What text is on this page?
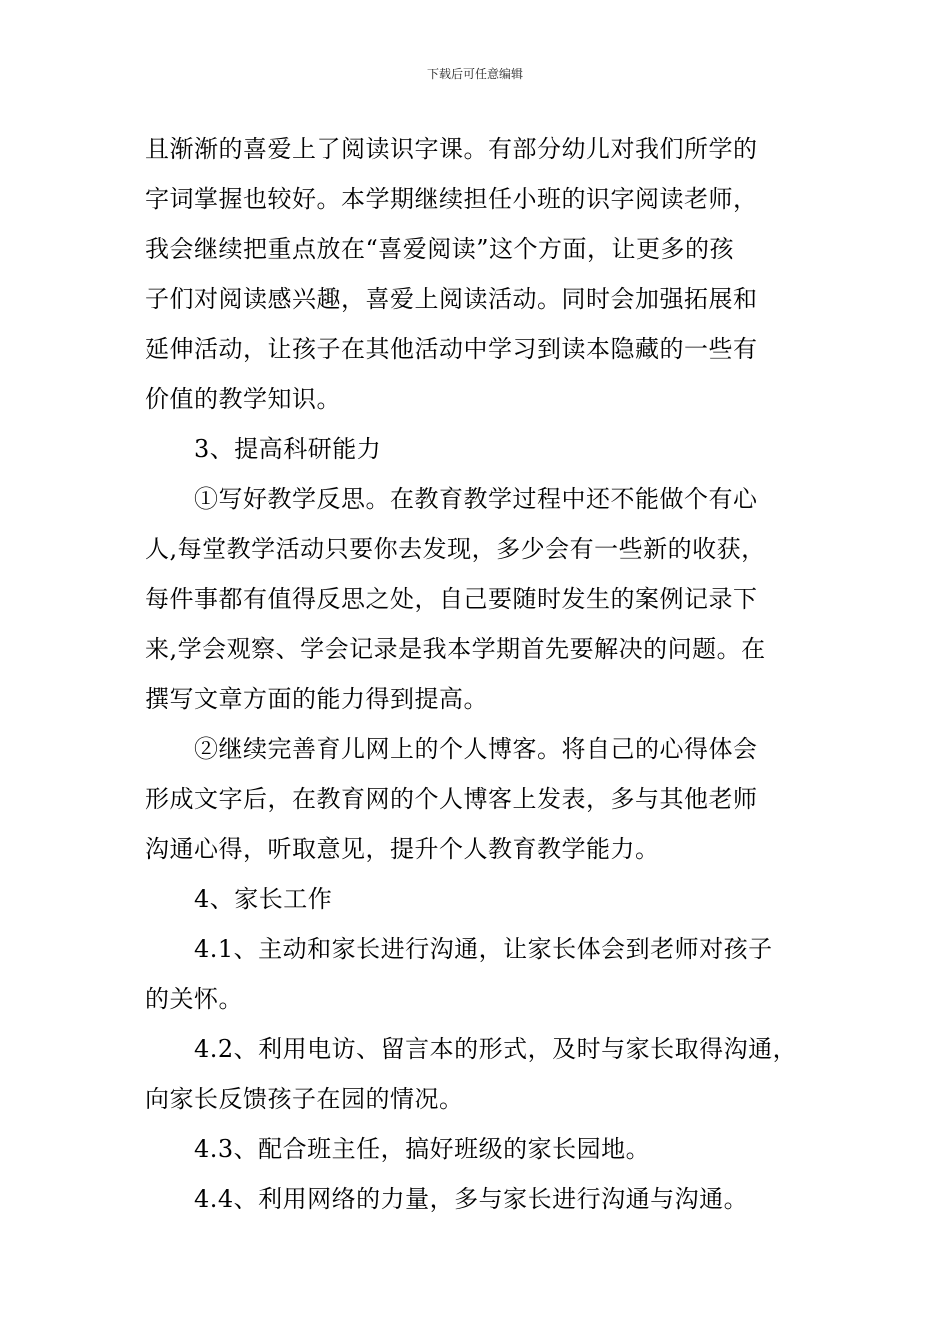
下载后可任意编辑
且渐渐的喜爱上了阅读识字课。有部分幼儿对我们所学的
字词掌握也较好。本学期继续担任小班的识字阅读老师，
我会继续把重点放在“喜爱阅读”这个方面，让更多的孩
子们对阅读感兴趣，喜爱上阅读活动。同时会加强拓展和
延伸活动，让孩子在其他活动中学习到读本隐藏的一些有
价值的教学知识。
3、提高科研能力
①写好教学反思。在教育教学过程中还不能做个有心
人,每堂教学活动只要你去发现，多少会有一些新的收获，
每件事都有值得反思之处，自己要随时发生的案例记录下
来,学会观察、学会记录是我本学期首先要解决的问题。在
撰写文章方面的能力得到提高。
②继续完善育儿网上的个人博客。将自己的心得体会
形成文字后，在教育网的个人博客上发表，多与其他老师
沟通心得，听取意见，提升个人教育教学能力。
4、家长工作
4.1、主动和家长进行沟通，让家长体会到老师对孩子
的关怀。
4.2、利用电访、留言本的形式，及时与家长取得沟通，
向家长反馈孩子在园的情况。
4.3、配合班主任，搞好班级的家长园地。
4.4、利用网络的力量，多与家长进行沟通与沟通。
